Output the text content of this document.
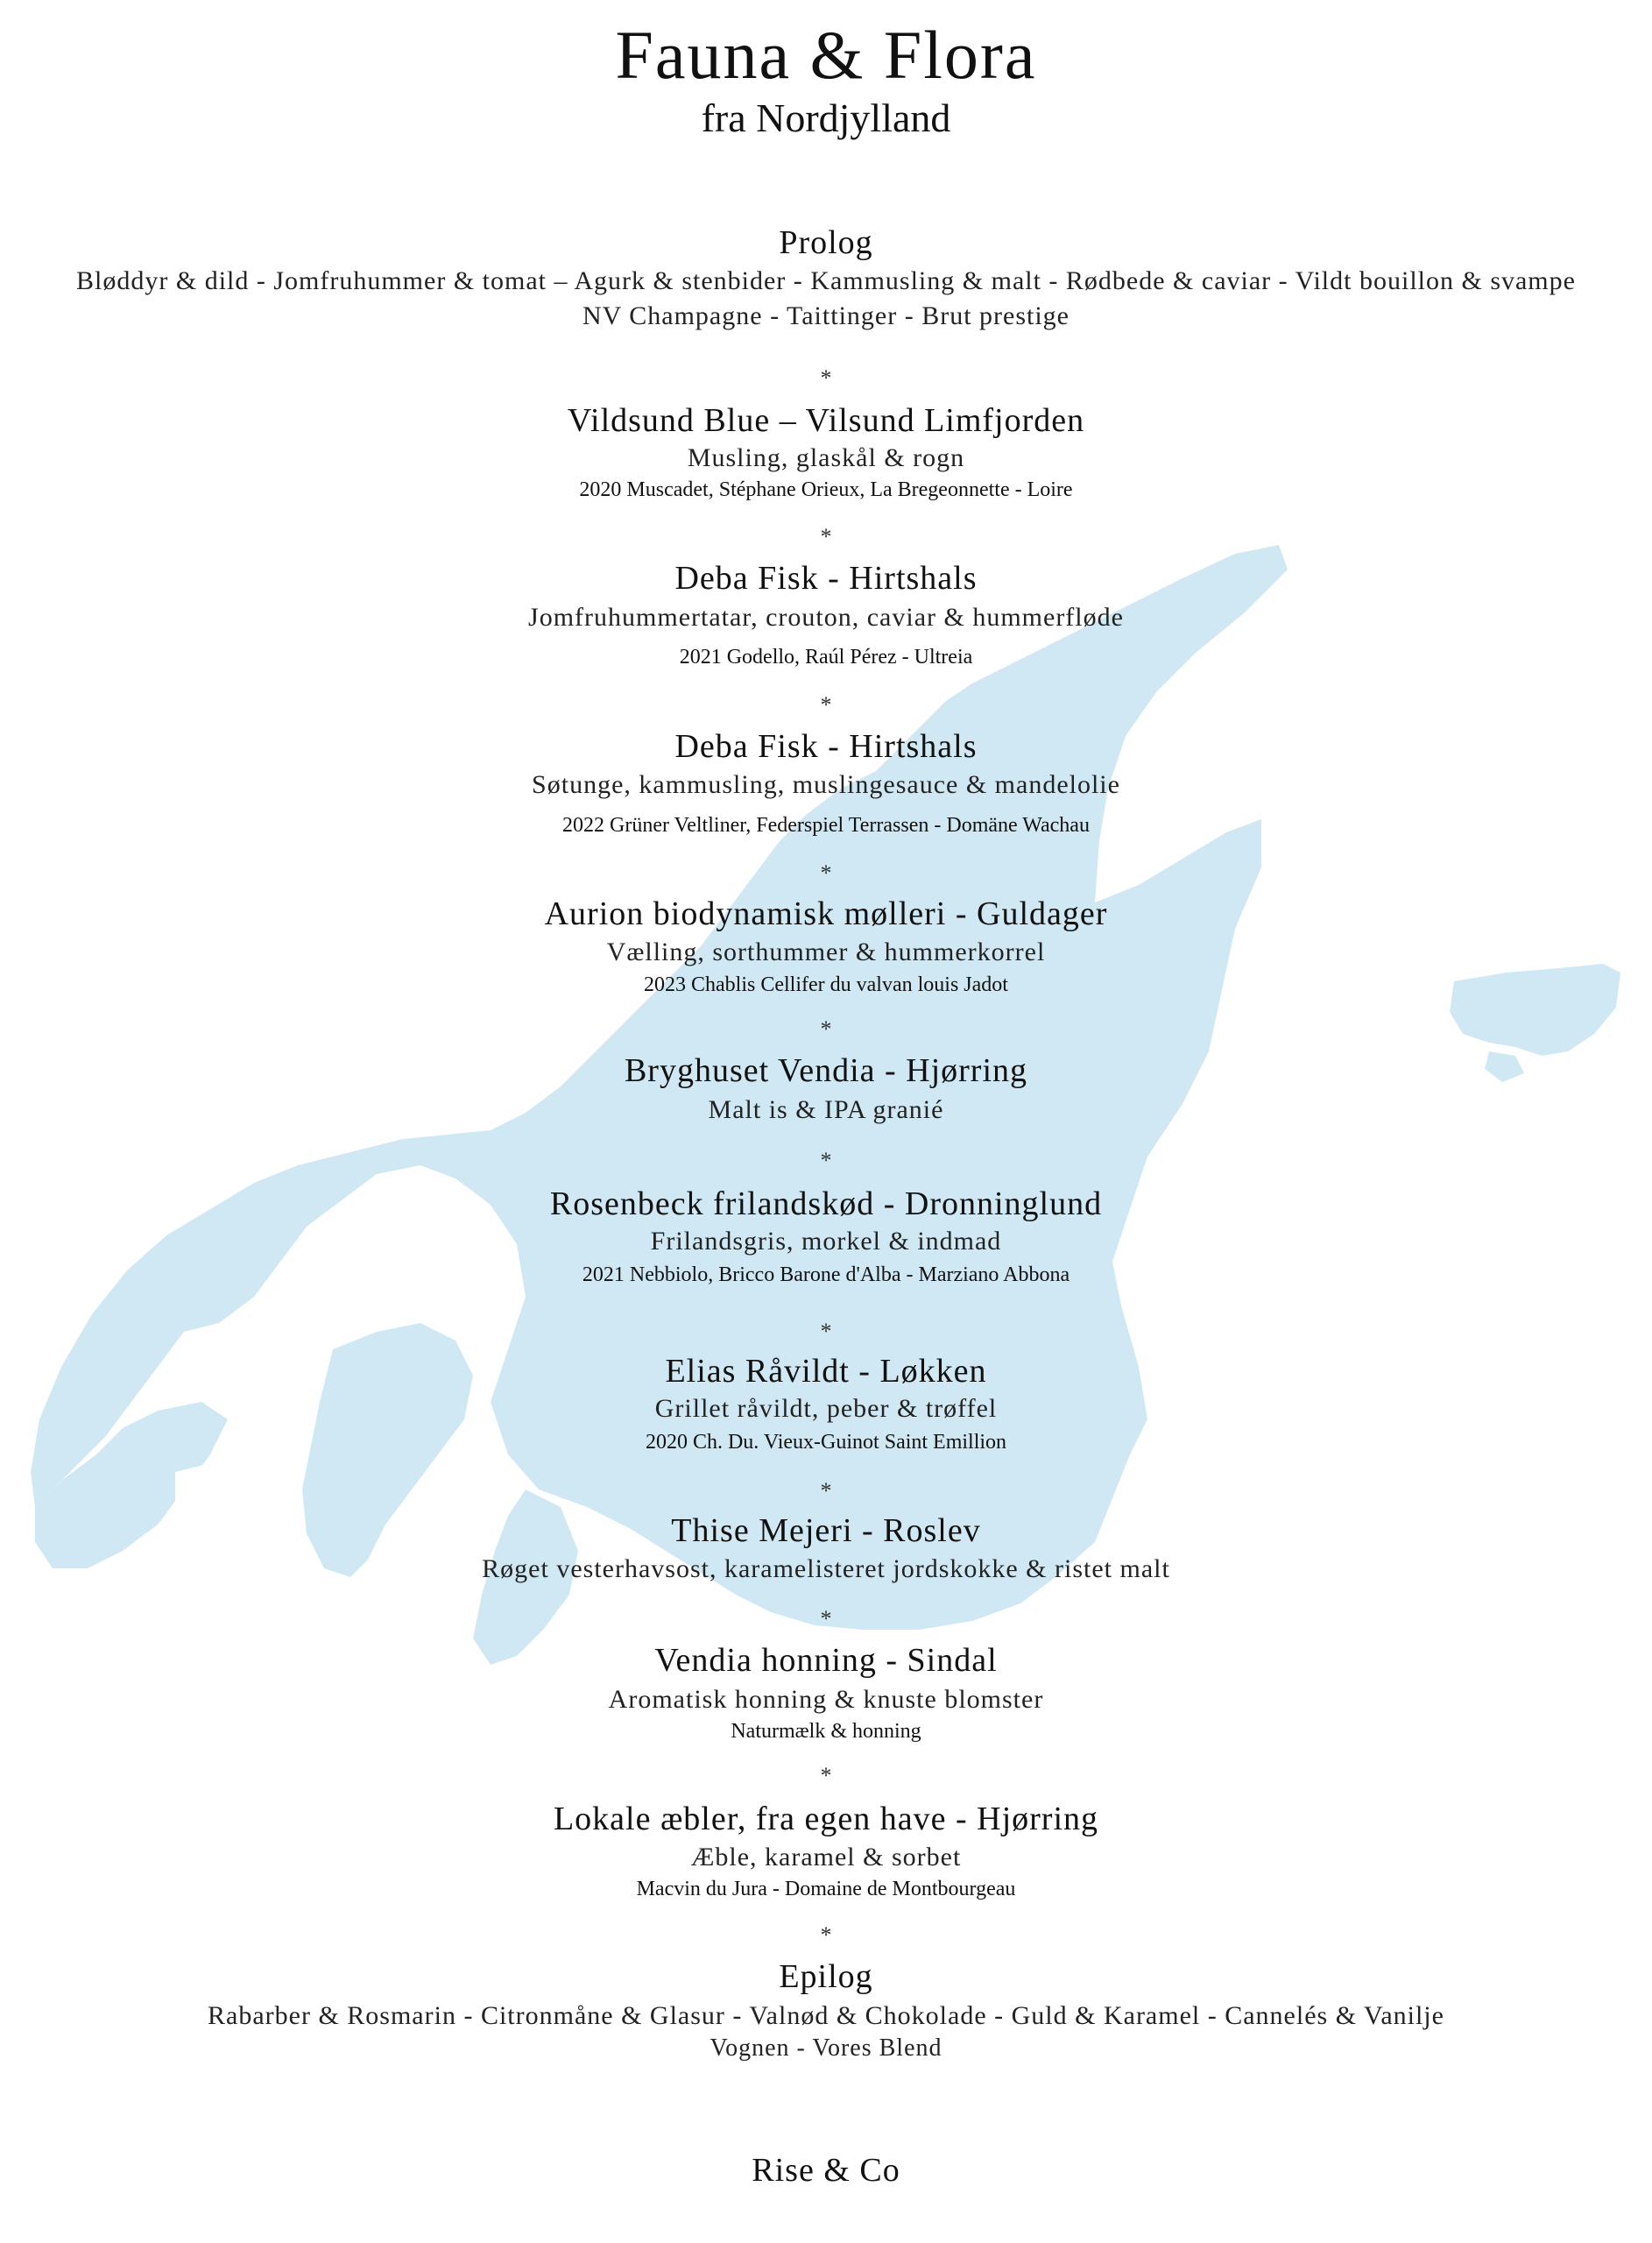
Fauna & Flora
fra Nordjylland
Prolog
Bløddyr & dild - Jomfruhummer & tomat – Agurk & stenbider - Kammusling & malt - Rødbede & caviar - Vildt bouillon & svampe
NV Champagne - Taittinger - Brut prestige
*
Vildsund Blue – Vilsund Limfjorden
Musling, glaskål & rogn
2020 Muscadet, Stéphane Orieux, La Bregeonnette - Loire
*
Deba Fisk - Hirtshals
Jomfruhummertatar, crouton, caviar & hummerfløde
2021 Godello, Raúl Pérez - Ultreia
*
Deba Fisk - Hirtshals
Søtunge, kammusling, muslingesauce & mandelolie
2022 Grüner Veltliner, Federspiel Terrassen - Domäne Wachau
*
Aurion biodynamisk mølleri - Guldager
Vælling, sorthummer & hummerkorrel
2023 Chablis Cellifer du valvan louis Jadot
*
Bryghuset Vendia - Hjørring
Malt is & IPA granié
*
Rosenbeck frilandskød - Dronninglund
Frilandsgris, morkel & indmad
2021 Nebbiolo, Bricco Barone d'Alba - Marziano Abbona
*
Elias Råvildt - Løkken
Grillet råvildt, peber & trøffel
2020 Ch. Du. Vieux-Guinot Saint Emillion
*
Thise Mejeri - Roslev
Røget vesterhavsost, karamelisteret jordskokke & ristet malt
*
Vendia honning - Sindal
Aromatisk honning & knuste blomster
Naturmælk & honning
*
Lokale æbler, fra egen have - Hjørring
Æble, karamel & sorbet
Macvin du Jura - Domaine de Montbourgeau
*
Epilog
Rabarber & Rosmarin - Citronmåne & Glasur - Valnød & Chokolade - Guld & Karamel - Cannelés & Vanilje
Vognen - Vores Blend
Rise & Co
